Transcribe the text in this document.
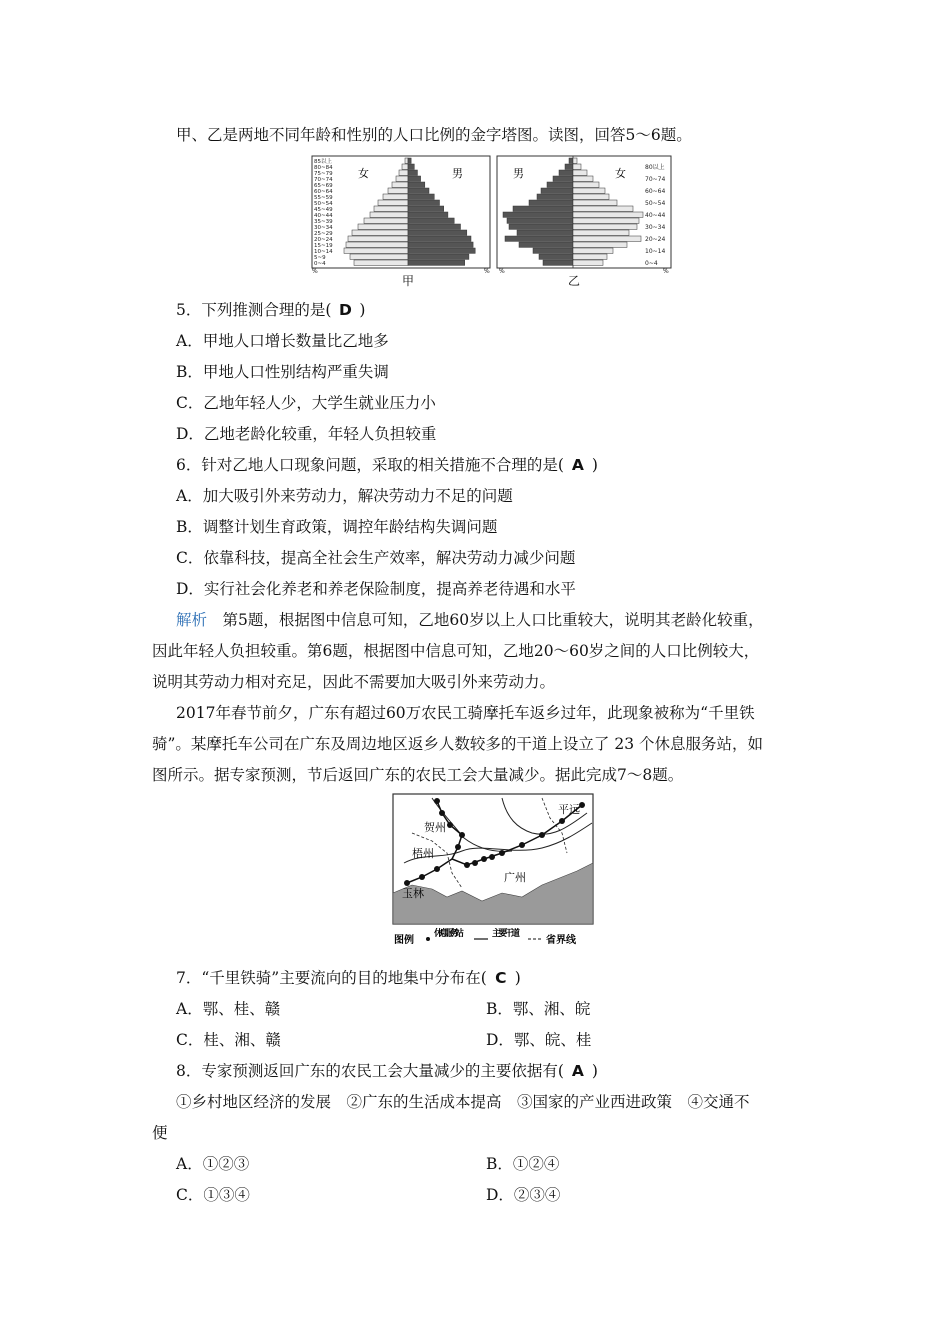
甲、乙是两地不同年龄和性别的人口比例的金字塔图。读图，回答5～6题。
85以上
80~84
75~79
70~74
65~69
60~64
55~59
50~54
45~49
40~44
35~39
30~34
25~29
20~24
15~19
10~14
5~9
0~4
女	男
%	%
甲
80以上
70~74
60~64
50~54
40~44
30~34
20~24
10~14
0~4
男	女
%	%
乙
5．下列推测合理的是( D )
A．甲地人口增长数量比乙地多
B．甲地人口性别结构严重失调
C．乙地年轻人少，大学生就业压力小
D．乙地老龄化较重，年轻人负担较重
6．针对乙地人口现象问题，采取的相关措施不合理的是( A )
A．加大吸引外来劳动力，解决劳动力不足的问题
B．调整计划生育政策，调控年龄结构失调问题
C．依靠科技，提高全社会生产效率，解决劳动力减少问题
D．实行社会化养老和养老保险制度，提高养老待遇和水平
解析　第5题，根据图中信息可知，乙地60岁以上人口比重较大，说明其老龄化较重，
因此年轻人负担较重。第6题，根据图中信息可知，乙地20～60岁之间的人口比例较大，
说明其劳动力相对充足，因此不需要加大吸引外来劳动力。
2017年春节前夕，广东有超过60万农民工骑摩托车返乡过年，此现象被称为“千里铁
骑”。某摩托车公司在广东及周边地区返乡人数较多的干道上设立了 23 个休息服务站，如
图所示。据专家预测，节后返回广东的农民工会大量减少。据此完成7～8题。
贺州
梧州
广州
平远
玉林
图例
休息服务站	主要干道
省界线
7．“千里铁骑”主要流向的目的地集中分布在( C )
A．鄂、桂、赣	B．鄂、湘、皖
C．桂、湘、赣	D．鄂、皖、桂
8．专家预测返回广东的农民工会大量减少的主要依据有( A )
①乡村地区经济的发展　②广东的生活成本提高　③国家的产业西进政策　④交通不
便
A．①②③	B．①②④
C．①③④	D．②③④
